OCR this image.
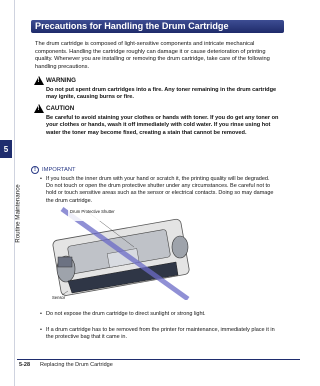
5
Routine Maintenance
Precautions for Handling the Drum Cartridge
The drum cartridge is composed of light-sensitive components and intricate mechanical components. Handling the cartridge roughly can damage it or cause deterioration of printing quality. Whenever you are installing or removing the drum cartridge, take care of the following handling precautions.
! WARNING
Do not put spent drum cartridges into a fire. Any toner remaining in the drum cartridge may ignite, causing burns or fire.
! CAUTION
Be careful to avoid staining your clothes or hands with toner. If you do get any toner on your clothes or hands, wash it off immediately with cold water. If you rinse using hot water the toner may become fixed, creating a stain that cannot be removed.
!	IMPORTANT
• If you touch the inner drum with your hand or scratch it, the printing quality will be degraded. Do not touch or open the drum protective shutter under any circumstances. Be careful not to hold or touch sensitive areas such as the sensor or electrical contacts. Doing so may damage the drum cartridge.
Drum Protective Shutter
Sensor
• Do not expose the drum cartridge to direct sunlight or strong light.
• If a drum cartridge has to be removed from the printer for maintenance, immediately place it in the protective bag that it came in.
5-28 Replacing the Drum Cartridge
